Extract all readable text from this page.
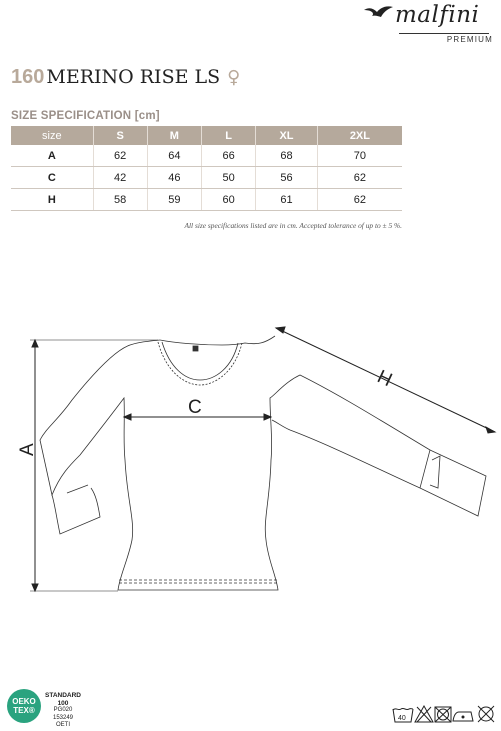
malfini
PREMIUM
160 MERINO RISE LS ♀
SIZE SPECIFICATION [cm]
size	S	M	L	XL	2XL
A	62	64	66	68	70
C	42	46	50	56	62
H	58	59	60	61	62
All size specifications listed are in cm. Accepted tolerance of up to ± 5 %.
A
C
H
OEKO
TEX®
STANDARD
100
PG020 153249
OETI
40
